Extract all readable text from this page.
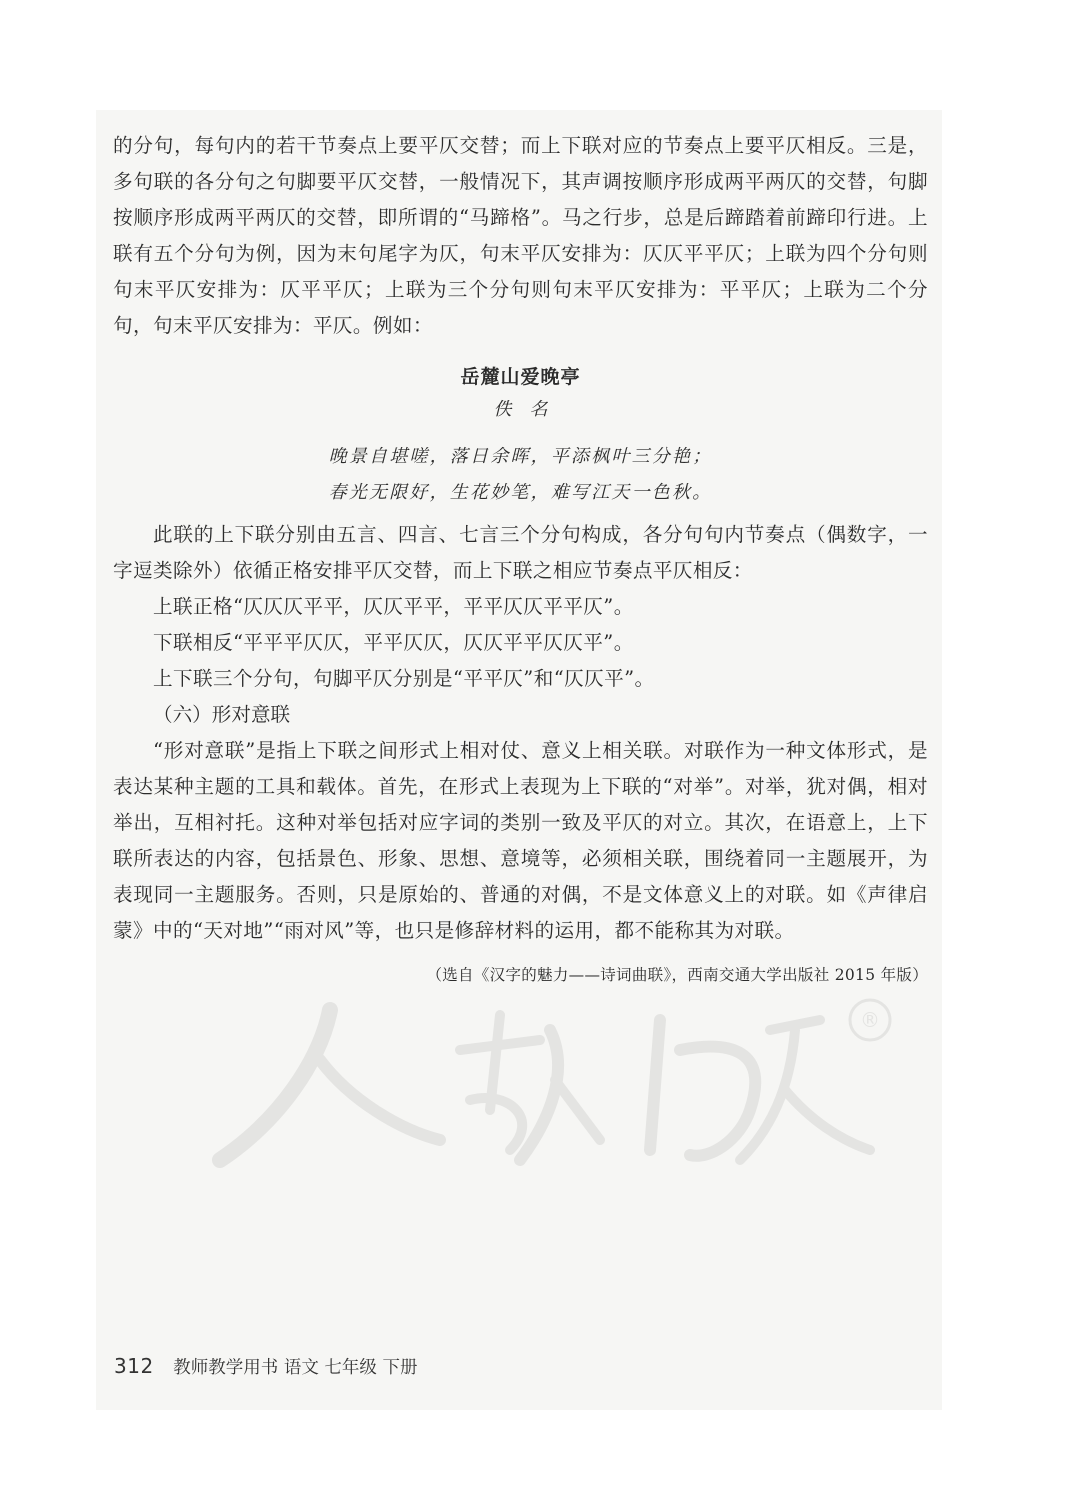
的分句，每句内的若干节奏点上要平仄交替；而上下联对应的节奏点上要平仄相反。三是，多句联的各分句之句脚要平仄交替，一般情况下，其声调按顺序形成两平两仄的交替，句脚按顺序形成两平两仄的交替，即所谓的“马蹄格”。马之行步，总是后蹄踏着前蹄印行进。上联有五个分句为例，因为末句尾字为仄，句末平仄安排为：仄仄平平仄；上联为四个分句则句末平仄安排为：仄平平仄；上联为三个分句则句末平仄安排为：平平仄；上联为二个分句，句末平仄安排为：平仄。例如：

岳麓山爱晚亭
佚名

晚景自堪嗟，落日余晖，平添枫叶三分艳；

春光无限好，生花妙笔，难写江天一色秋。

此联的上下联分别由五言、四言、七言三个分句构成，各分句句内节奏点（偶数字，一字逗类除外）依循正格安排平仄交替，而上下联之相应节奏点平仄相反：

上联正格“仄仄仄平平，仄仄平平，平平仄仄平平仄”。

下联相反“平平平仄仄，平平仄仄，仄仄平平仄仄平”。

上下联三个分句，句脚平仄分别是“平平仄”和“仄仄平”。

（六）形对意联

“形对意联”是指上下联之间形式上相对仗、意义上相关联。对联作为一种文体形式，是表达某种主题的工具和载体。首先，在形式上表现为上下联的“对举”。对举，犹对偶，相对举出，互相衬托。这种对举包括对应字词的类别一致及平仄的对立。其次，在语意上，上下联所表达的内容，包括景色、形象、思想、意境等，必须相关联，围绕着同一主题展开，为表现同一主题服务。否则，只是原始的、普通的对偶，不是文体意义上的对联。如《声律启蒙》中的“天对地”“雨对风”等，也只是修辞材料的运用，都不能称其为对联。

（选自《汉字的魅力——诗词曲联》，西南交通大学出版社 2015 年版）
®
312 教师教学用书 语文 七年级 下册
